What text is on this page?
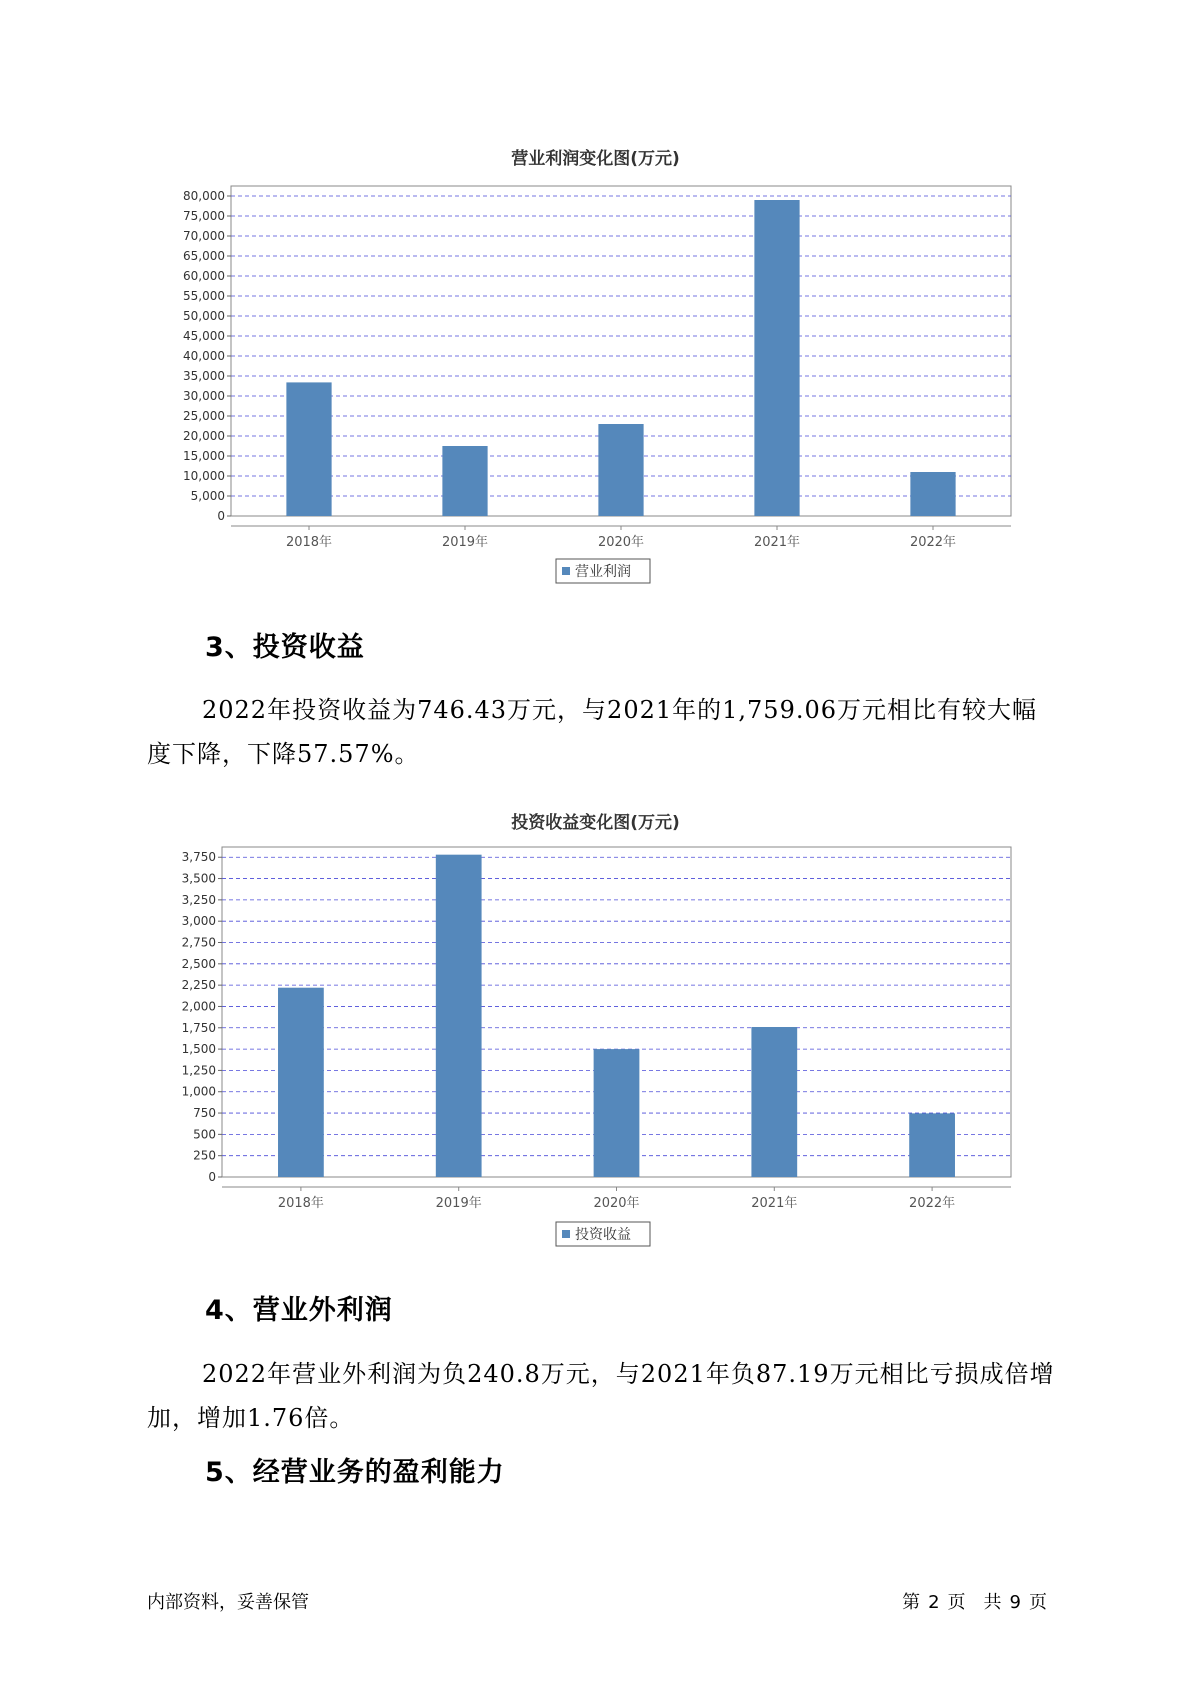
营业利润变化图(万元)
0
5,000
10,000
15,000
20,000
25,000
30,000
35,000
40,000
45,000
50,000
55,000
60,000
65,000
70,000
75,000
80,000
2018年	2019年	2020年	2021年	2022年
营业利润
3、投资收益
2022年投资收益为746.43万元，与2021年的1,759.06万元相比有较大幅度下降，下降57.57%。
投资收益变化图(万元)
0
250
500
750
1,000
1,250
1,500
1,750
2,000
2,250
2,500
2,750
3,000
3,250
3,500
3,750
2018年	2019年	2020年	2021年	2022年
投资收益
4、营业外利润
2022年营业外利润为负240.8万元，与2021年负87.19万元相比亏损成倍增加，增加1.76倍。
5、经营业务的盈利能力
内部资料，妥善保管	第 2 页　共 9 页
